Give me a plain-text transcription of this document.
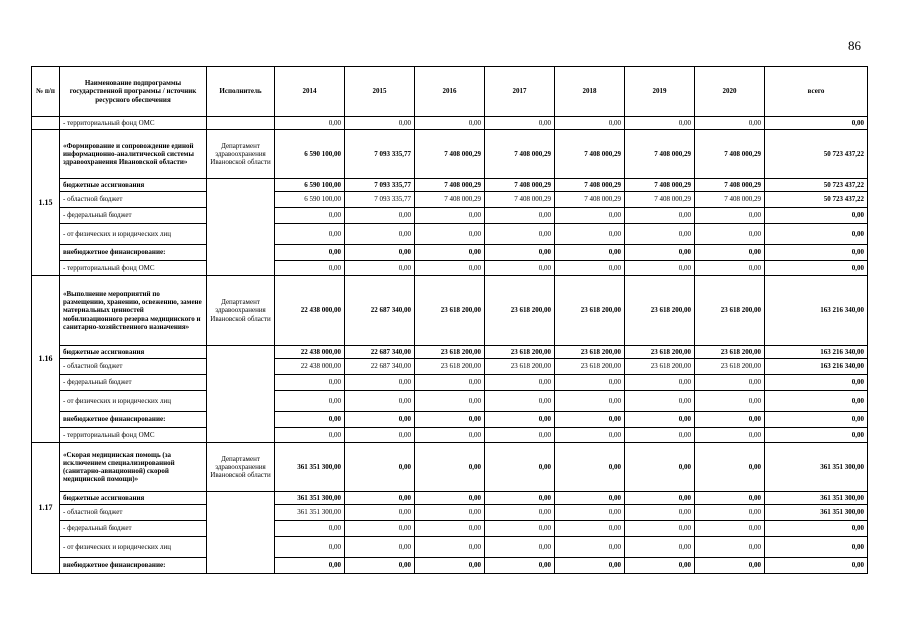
86
№ п/п	Наименование подпрограммы государственной программы / источник ресурсного обеспечения	Исполнитель	2014	2015	2016	2017	2018	2019	2020	всего
	- территориальный фонд ОМС		0,00	0,00	0,00	0,00	0,00	0,00	0,00	0,00
1.15	«Формирование и сопровождение единой информационно-аналитической системы здравоохранения Ивановской области»	Департамент здравоохранения Ивановской области	6 590 100,00	7 093 335,77	7 408 000,29	7 408 000,29	7 408 000,29	7 408 000,29	7 408 000,29	50 723 437,22
	бюджетные ассигнования		6 590 100,00	7 093 335,77	7 408 000,29	7 408 000,29	7 408 000,29	7 408 000,29	7 408 000,29	50 723 437,22
	- областной бюджет		6 590 100,00	7 093 335,77	7 408 000,29	7 408 000,29	7 408 000,29	7 408 000,29	7 408 000,29	50 723 437,22
	- федеральный бюджет		0,00	0,00	0,00	0,00	0,00	0,00	0,00	0,00
	- от физических и юридических лиц		0,00	0,00	0,00	0,00	0,00	0,00	0,00	0,00
	внебюджетное финансирование:		0,00	0,00	0,00	0,00	0,00	0,00	0,00	0,00
	- территориальный фонд ОМС		0,00	0,00	0,00	0,00	0,00	0,00	0,00	0,00
1.16	«Выполнение мероприятий по размещению, хранению, освежению, замене материальных ценностей мобилизационного резерва медицинского и санитарно-хозяйственного назначения»	Департамент здравоохранения Ивановской области	22 438 000,00	22 687 340,00	23 618 200,00	23 618 200,00	23 618 200,00	23 618 200,00	23 618 200,00	163 216 340,00
	бюджетные ассигнования		22 438 000,00	22 687 340,00	23 618 200,00	23 618 200,00	23 618 200,00	23 618 200,00	23 618 200,00	163 216 340,00
	- областной бюджет		22 438 000,00	22 687 340,00	23 618 200,00	23 618 200,00	23 618 200,00	23 618 200,00	23 618 200,00	163 216 340,00
	- федеральный бюджет		0,00	0,00	0,00	0,00	0,00	0,00	0,00	0,00
	- от физических и юридических лиц		0,00	0,00	0,00	0,00	0,00	0,00	0,00	0,00
	внебюджетное финансирование:		0,00	0,00	0,00	0,00	0,00	0,00	0,00	0,00
	- территориальный фонд ОМС		0,00	0,00	0,00	0,00	0,00	0,00	0,00	0,00
1.17	«Скорая медицинская помощь (за исключением специализированной (санитарно-авиационной) скорой медицинской помощи)»	Департамент здравоохранения Ивановской области	361 351 300,00	0,00	0,00	0,00	0,00	0,00	0,00	361 351 300,00
	бюджетные ассигнования		361 351 300,00	0,00	0,00	0,00	0,00	0,00	0,00	361 351 300,00
	- областной бюджет		361 351 300,00	0,00	0,00	0,00	0,00	0,00	0,00	361 351 300,00
	- федеральный бюджет		0,00	0,00	0,00	0,00	0,00	0,00	0,00	0,00
	- от физических и юридических лиц		0,00	0,00	0,00	0,00	0,00	0,00	0,00	0,00
	внебюджетное финансирование:		0,00	0,00	0,00	0,00	0,00	0,00	0,00	0,00
